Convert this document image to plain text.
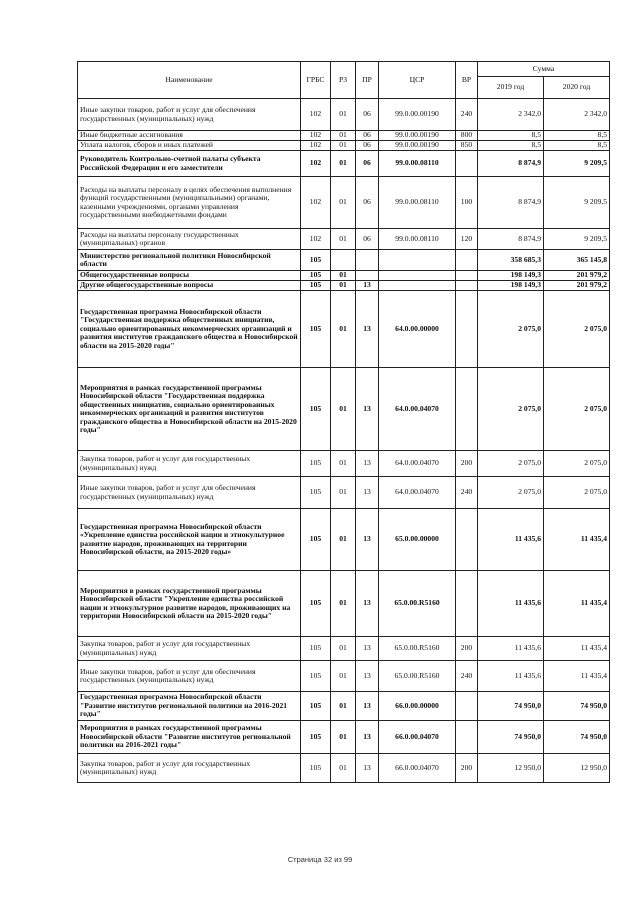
Наименование	ГРБС	РЗ	ПР	ЦСР	ВР	Сумма	
						2019 год	2020 год
Иные закупки товаров, работ и услуг для обеспечения государственных (муниципальных) нужд	102	01	06	99.0.00.00190	240	2 342,0	2 342,0
Иные бюджетные ассигнования	102	01	06	99.0.00.00190	800	8,5	8,5
Уплата налогов, сборов и иных платежей	102	01	06	99.0.00.00190	850	8,5	8,5
Руководитель Контрольно-счетной палаты субъекта Российской Федерации и его заместители	102	01	06	99.0.00.08110		8 874,9	9 209,5
Расходы на выплаты персоналу в целях обеспечения выполнения функций государственными (муниципальными) органами, казенными учреждениями, органами управления государственными внебюджетными фондами	102	01	06	99.0.00.08110	100	8 874,9	9 209,5
Расходы на выплаты персоналу государственных (муниципальных) органов	102	01	06	99.0.00.08110	120	8 874,9	9 209,5
Министерство региональной политики Новосибирской области	105					358 685,3	365 145,8
Общегосударственные вопросы	105	01				198 149,3	201 979,2
Другие общегосударственные вопросы	105	01	13			198 149,3	201 979,2
Государственная программа Новосибирской области "Государственная поддержка общественных инициатив, социально ориентированных некоммерческих организаций и развития институтов гражданского общества в Новосибирской области на 2015-2020 годы"	105	01	13	64.0.00.00000		2 075,0	2 075,0
Мероприятия в рамках государственной программы Новосибирской области "Государственная поддержка общественных инициатив, социально ориентированных некоммерческих организаций и развития институтов гражданского общества в Новосибирской области на 2015-2020 годы"	105	01	13	64.0.00.04070		2 075,0	2 075,0
Закупка товаров, работ и услуг для государственных (муниципальных) нужд	105	01	13	64.0.00.04070	200	2 075,0	2 075,0
Иные закупки товаров, работ и услуг для обеспечения государственных (муниципальных) нужд	105	01	13	64.0.00.04070	240	2 075,0	2 075,0
Государственная программа Новосибирской области «Укрепление единства российской нации и этнокультурное развитие народов, проживающих на территории Новосибирской области, на 2015-2020 годы»	105	01	13	65.0.00.00000		11 435,6	11 435,4
Мероприятия в рамках государственной программы Новосибирской области "Укрепление единства российской нации и этнокультурное развитие народов, проживающих на территории Новосибирской области на 2015-2020 годы"	105	01	13	65.0.00.R5160		11 435,6	11 435,4
Закупка товаров, работ и услуг для государственных (муниципальных) нужд	105	01	13	65.0.00.R5160	200	11 435,6	11 435,4
Иные закупки товаров, работ и услуг для обеспечения государственных (муниципальных) нужд	105	01	13	65.0.00.R5160	240	11 435,6	11 435,4
Государственная программа Новосибирской области "Развитие институтов региональной политики на 2016-2021 годы"	105	01	13	66.0.00.00000		74 950,0	74 950,0
Мероприятия в рамках государственной программы Новосибирской области "Развитие институтов региональной политики на 2016-2021 годы"	105	01	13	66.0.00.04070		74 950,0	74 950,0
Закупка товаров, работ и услуг для государственных (муниципальных) нужд	105	01	13	66.0.00.04070	200	12 950,0	12 950,0
Страница 32 из 99
